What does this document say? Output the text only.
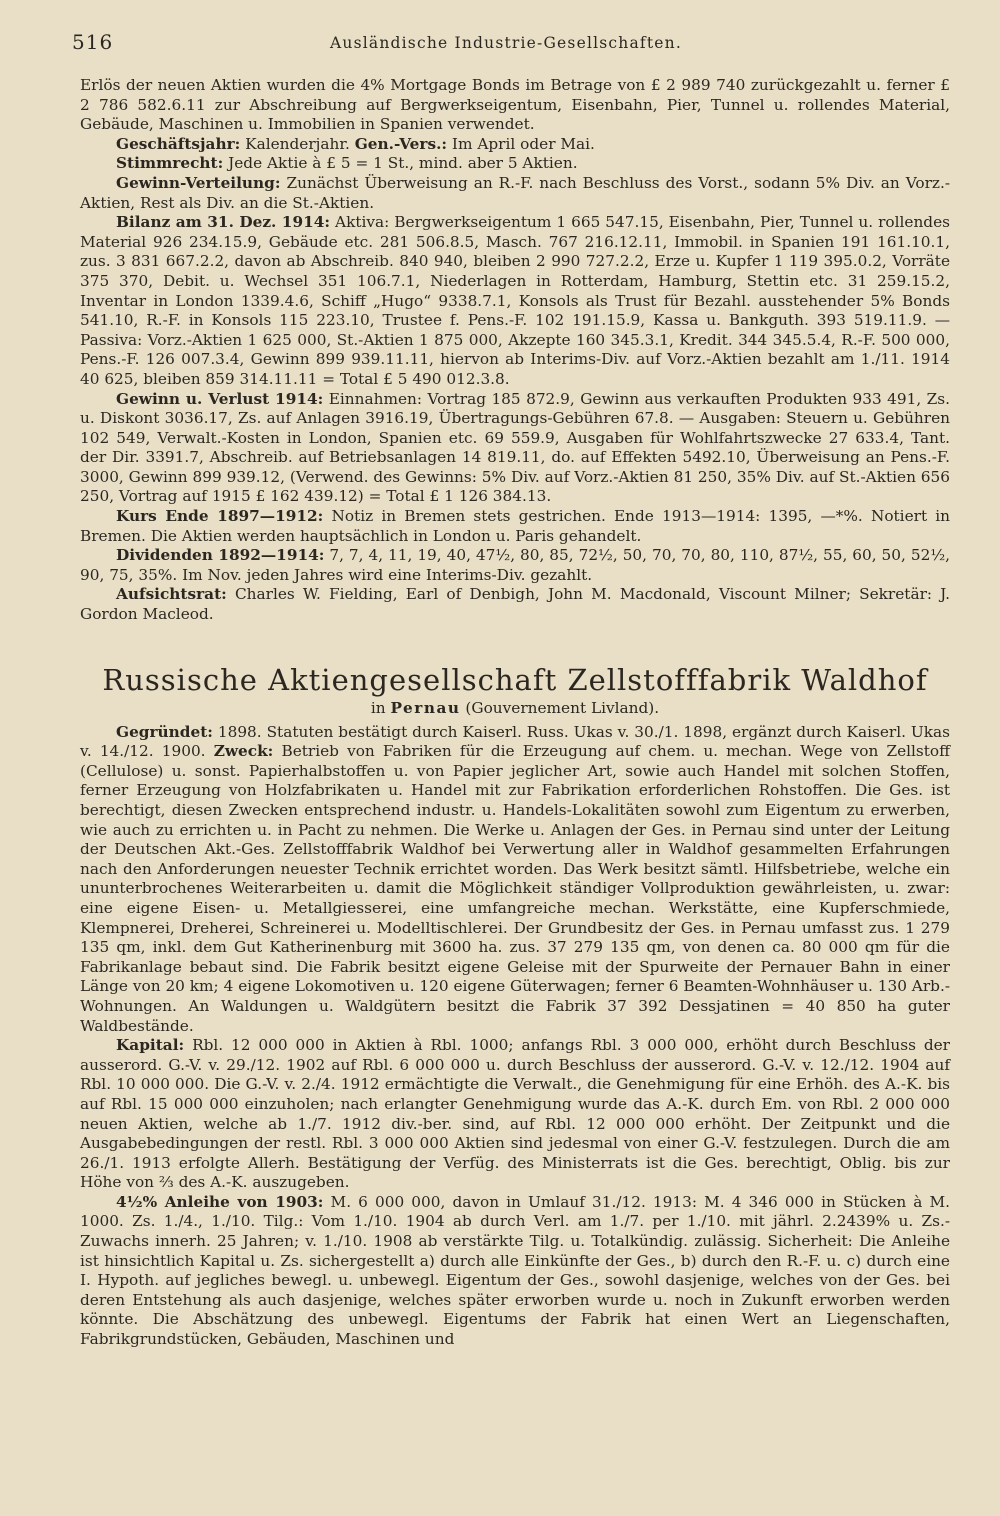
516	Ausländische Industrie-Gesellschaften.

Erlös der neuen Aktien wurden die 4% Mortgage Bonds im Betrage von £ 2 989 740 zurückgezahlt u. ferner £ 2 786 582.6.11 zur Abschreibung auf Bergwerkseigentum, Eisenbahn, Pier, Tunnel u. rollendes Material, Gebäude, Maschinen u. Immobilien in Spanien verwendet.

Geschäftsjahr: Kalenderjahr. Gen.-Vers.: Im April oder Mai.

Stimmrecht: Jede Aktie à £ 5 = 1 St., mind. aber 5 Aktien.

Gewinn-Verteilung: Zunächst Überweisung an R.-F. nach Beschluss des Vorst., sodann 5% Div. an Vorz.-Aktien, Rest als Div. an die St.-Aktien.

Bilanz am 31. Dez. 1914: Aktiva: Bergwerkseigentum 1 665 547.15, Eisenbahn, Pier, Tunnel u. rollendes Material 926 234.15.9, Gebäude etc. 281 506.8.5, Masch. 767 216.12.11, Immobil. in Spanien 191 161.10.1, zus. 3 831 667.2.2, davon ab Abschreib. 840 940, bleiben 2 990 727.2.2, Erze u. Kupfer 1 119 395.0.2, Vorräte 375 370, Debit. u. Wechsel 351 106.7.1, Niederlagen in Rotterdam, Hamburg, Stettin etc. 31 259.15.2, Inventar in London 1339.4.6, Schiff „Hugo“ 9338.7.1, Konsols als Trust für Bezahl. ausstehender 5% Bonds 541.10, R.-F. in Konsols 115 223.10, Trustee f. Pens.-F. 102 191.15.9, Kassa u. Bankguth. 393 519.11.9. — Passiva: Vorz.-Aktien 1 625 000, St.-Aktien 1 875 000, Akzepte 160 345.3.1, Kredit. 344 345.5.4, R.-F. 500 000, Pens.-F. 126 007.3.4, Gewinn 899 939.11.11, hiervon ab Interims-Div. auf Vorz.-Aktien bezahlt am 1./11. 1914 40 625, bleiben 859 314.11.11 = Total £ 5 490 012.3.8.

Gewinn u. Verlust 1914: Einnahmen: Vortrag 185 872.9, Gewinn aus verkauften Produkten 933 491, Zs. u. Diskont 3036.17, Zs. auf Anlagen 3916.19, Übertragungs-Gebühren 67.8. — Ausgaben: Steuern u. Gebühren 102 549, Verwalt.-Kosten in London, Spanien etc. 69 559.9, Ausgaben für Wohlfahrtszwecke 27 633.4, Tant. der Dir. 3391.7, Abschreib. auf Betriebsanlagen 14 819.11, do. auf Effekten 5492.10, Überweisung an Pens.-F. 3000, Gewinn 899 939.12, (Verwend. des Gewinns: 5% Div. auf Vorz.-Aktien 81 250, 35% Div. auf St.-Aktien 656 250, Vortrag auf 1915 £ 162 439.12) = Total £ 1 126 384.13.

Kurs Ende 1897—1912: Notiz in Bremen stets gestrichen. Ende 1913—1914: 1395, —*%. Notiert in Bremen. Die Aktien werden hauptsächlich in London u. Paris gehandelt.

Dividenden 1892—1914: 7, 7, 4, 11, 19, 40, 47½, 80, 85, 72½, 50, 70, 70, 80, 110, 87½, 55, 60, 50, 52½, 90, 75, 35%. Im Nov. jeden Jahres wird eine Interims-Div. gezahlt.

Aufsichtsrat: Charles W. Fielding, Earl of Denbigh, John M. Macdonald, Viscount Milner; Sekretär: J. Gordon Macleod.

Russische Aktiengesellschaft Zellstofffabrik Waldhof
in Pernau (Gouvernement Livland).

Gegründet: 1898. Statuten bestätigt durch Kaiserl. Russ. Ukas v. 30./1. 1898, ergänzt durch Kaiserl. Ukas v. 14./12. 1900. Zweck: Betrieb von Fabriken für die Erzeugung auf chem. u. mechan. Wege von Zellstoff (Cellulose) u. sonst. Papierhalbstoffen u. von Papier jeglicher Art, sowie auch Handel mit solchen Stoffen, ferner Erzeugung von Holzfabrikaten u. Handel mit zur Fabrikation erforderlichen Rohstoffen. Die Ges. ist berechtigt, diesen Zwecken entsprechend industr. u. Handels-Lokalitäten sowohl zum Eigentum zu erwerben, wie auch zu errichten u. in Pacht zu nehmen. Die Werke u. Anlagen der Ges. in Pernau sind unter der Leitung der Deutschen Akt.-Ges. Zellstofffabrik Waldhof bei Verwertung aller in Waldhof gesammelten Erfahrungen nach den Anforderungen neuester Technik errichtet worden. Das Werk besitzt sämtl. Hilfsbetriebe, welche ein ununterbrochenes Weiterarbeiten u. damit die Möglichkeit ständiger Vollproduktion gewährleisten, u. zwar: eine eigene Eisen- u. Metallgiesserei, eine umfangreiche mechan. Werkstätte, eine Kupferschmiede, Klempnerei, Dreherei, Schreinerei u. Modelltischlerei. Der Grundbesitz der Ges. in Pernau umfasst zus. 1 279 135 qm, inkl. dem Gut Katherinenburg mit 3600 ha. zus. 37 279 135 qm, von denen ca. 80 000 qm für die Fabrikanlage bebaut sind. Die Fabrik besitzt eigene Geleise mit der Spurweite der Pernauer Bahn in einer Länge von 20 km; 4 eigene Lokomotiven u. 120 eigene Güterwagen; ferner 6 Beamten-Wohnhäuser u. 130 Arb.-Wohnungen. An Waldungen u. Waldgütern besitzt die Fabrik 37 392 Dessjatinen = 40 850 ha guter Waldbestände.

Kapital: Rbl. 12 000 000 in Aktien à Rbl. 1000; anfangs Rbl. 3 000 000, erhöht durch Beschluss der ausserord. G.-V. v. 29./12. 1902 auf Rbl. 6 000 000 u. durch Beschluss der ausserord. G.-V. v. 12./12. 1904 auf Rbl. 10 000 000. Die G.-V. v. 2./4. 1912 ermächtigte die Verwalt., die Genehmigung für eine Erhöh. des A.-K. bis auf Rbl. 15 000 000 einzuholen; nach erlangter Genehmigung wurde das A.-K. durch Em. von Rbl. 2 000 000 neuen Aktien, welche ab 1./7. 1912 div.-ber. sind, auf Rbl. 12 000 000 erhöht. Der Zeitpunkt und die Ausgabebedingungen der restl. Rbl. 3 000 000 Aktien sind jedesmal von einer G.-V. festzulegen. Durch die am 26./1. 1913 erfolgte Allerh. Bestätigung der Verfüg. des Ministerrats ist die Ges. berechtigt, Oblig. bis zur Höhe von ⅔ des A.-K. auszugeben.

4½% Anleihe von 1903: M. 6 000 000, davon in Umlauf 31./12. 1913: M. 4 346 000 in Stücken à M. 1000. Zs. 1./4., 1./10. Tilg.: Vom 1./10. 1904 ab durch Verl. am 1./7. per 1./10. mit jährl. 2.2439% u. Zs.-Zuwachs innerh. 25 Jahren; v. 1./10. 1908 ab verstärkte Tilg. u. Totalkündig. zulässig. Sicherheit: Die Anleihe ist hinsichtlich Kapital u. Zs. sichergestellt a) durch alle Einkünfte der Ges., b) durch den R.-F. u. c) durch eine I. Hypoth. auf jegliches bewegl. u. unbewegl. Eigentum der Ges., sowohl dasjenige, welches von der Ges. bei deren Entstehung als auch dasjenige, welches später erworben wurde u. noch in Zukunft erworben werden könnte. Die Abschätzung des unbewegl. Eigentums der Fabrik hat einen Wert an Liegenschaften, Fabrikgrundstücken, Gebäuden, Maschinen und
